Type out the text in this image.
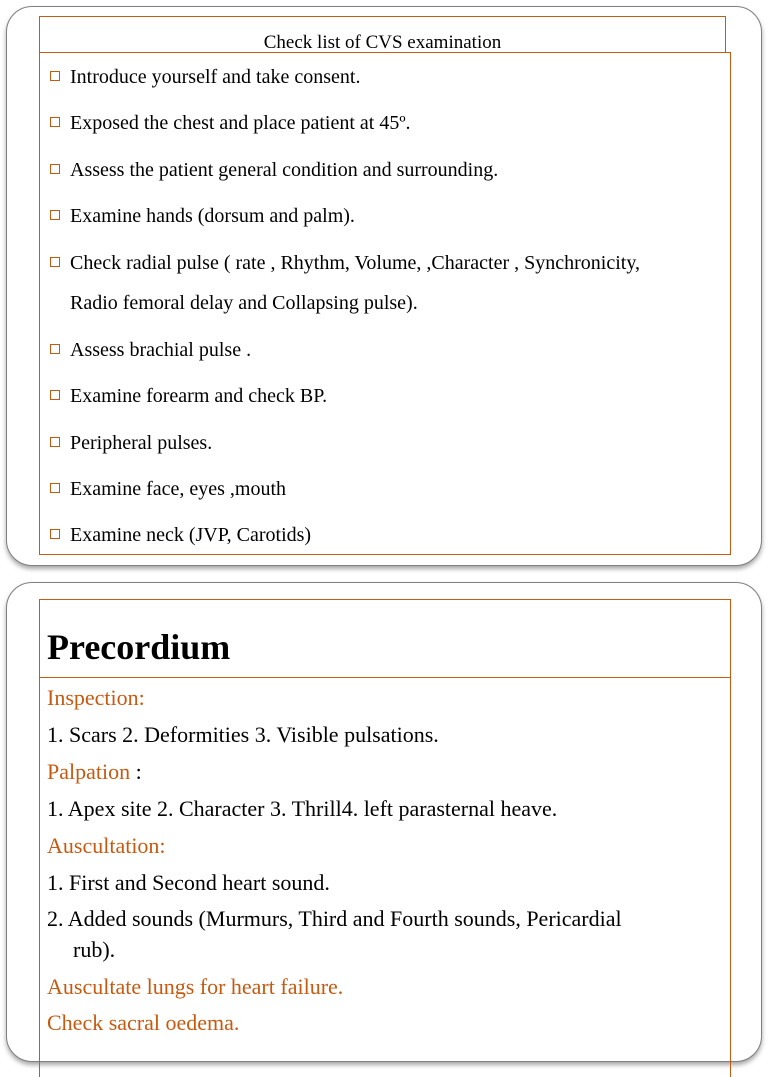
Check list of CVS examination
Introduce yourself and take consent.
Exposed the chest and place patient at 45º.
Assess the patient general condition and surrounding.
Examine hands (dorsum and palm).
Check radial pulse ( rate , Rhythm, Volume, ,Character , Synchronicity,
Radio femoral delay and Collapsing pulse).
Assess brachial pulse .
Examine forearm and check BP.
Peripheral pulses.
Examine face, eyes ,mouth
Examine neck (JVP, Carotids)
Precordium
Inspection:
1. Scars 2. Deformities 3. Visible pulsations.
Palpation :
1. Apex site 2. Character 3. Thrill4. left parasternal heave.
Auscultation:
1. First and Second heart sound.
2. Added sounds (Murmurs, Third and Fourth sounds, Pericardial
rub).
Auscultate lungs for heart failure.
Check sacral oedema.
